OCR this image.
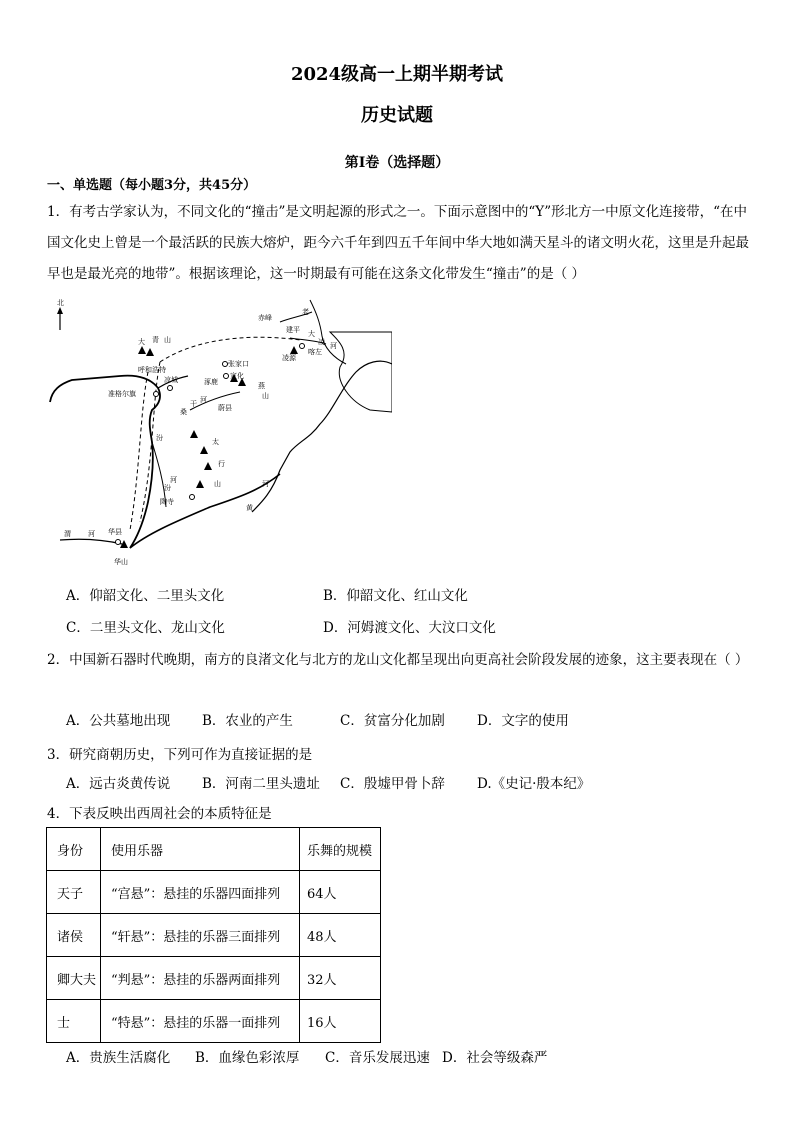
2024级高一上期半期考试
历史试题
第Ⅰ卷（选择题）
一、单选题（每小题3分，共45分）
1．有考古学家认为，不同文化的“撞击”是文明起源的形式之一。下面示意图中的“Y”形北方一中原文化连接带，“在中国文化史上曾是一个最活跃的民族大熔炉，距今六千年到四五千年间中华大地如满天星斗的诸文明火花，这里是升起最早也是最光亮的地带”。根据该理论，这一时期最有可能在这条文化带发生“撞击”的是（ ）
北
赤峰
老
建平 大
凌 河
喀左
凌源
大 青 山
呼和浩特
凉城
准格尔旗
张家口
宣化
涿鹿	燕
山
桑
干 河
蔚县
汾	太
行
山	河
陶寺
汾
河
黄
华县
渭 河
华山
A．仰韶文化、二里头文化	B．仰韶文化、红山文化
C．二里头文化、龙山文化	D．河姆渡文化、大汶口文化
2．中国新石器时代晚期，南方的良渚文化与北方的龙山文化都呈现出向更高社会阶段发展的迹象，这主要表现在（ ）
A．公共墓地出现 B．农业的产生	C．贫富分化加剧 D．文字的使用
3．研究商朝历史，下列可作为直接证据的是
A．远古炎黄传说 B．河南二里头遗址 C．殷墟甲骨卜辞 D.《史记·殷本纪》
4．下表反映出西周社会的本质特征是
身份	使用乐器	乐舞的规模
天子	“宫悬”：悬挂的乐器四面排列	64人
诸侯	“轩悬”：悬挂的乐器三面排列	48人
卿大夫	“判悬”：悬挂的乐器两面排列	32人
士	“特悬”：悬挂的乐器一面排列	16人
A．贵族生活腐化 B．血缘色彩浓厚 C．音乐发展迅速 D．社会等级森严
